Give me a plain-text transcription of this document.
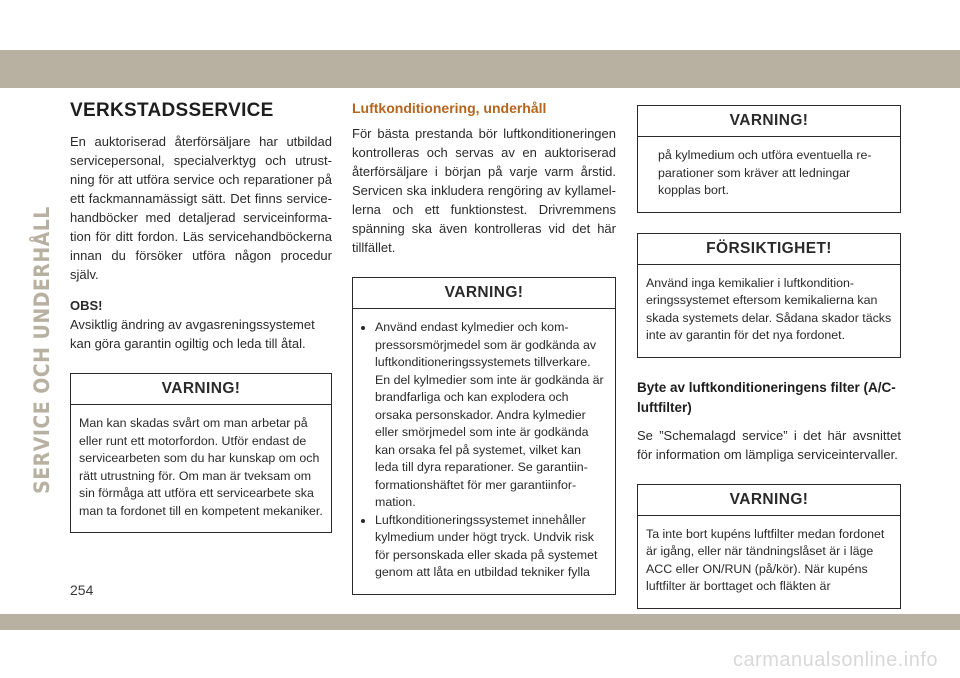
SERVICE OCH UNDERHÅLL
VERKSTADSSERVICE

En auktoriserad återförsäljare har utbildad servicepersonal, specialverktyg och utrustning för att utföra service och reparationer på ett fackmannamässigt sätt. Det finns servicehandböcker med detaljerad serviceinformation för ditt fordon. Läs servicehandböckerna innan du försöker utföra någon procedur själv.

OBS!

Avsiktlig ändring av avgasreningssystemet kan göra garantin ogiltig och leda till åtal.

VARNING!
Man kan skadas svårt om man arbetar på eller runt ett motorfordon. Utför endast de servicearbeten som du har kunskap om och rätt utrustning för. Om man är tveksam om sin förmåga att utföra ett servicearbete ska man ta fordonet till en kompetent mekaniker.
Luftkonditionering, underhåll

För bästa prestanda bör luftkonditioneringen kontrolleras och servas av en auktoriserad återförsäljare i början på varje varm årstid. Servicen ska inkludera rengöring av kyllamellerna och ett funktionstest. Drivremmens spänning ska även kontrolleras vid det här tillfället.

VARNING!
• Använd endast kylmedier och kompressorsmörjmedel som är godkända av luftkonditioneringssystemets tillverkare. En del kylmedier som inte är godkända är brandfarliga och kan explodera och orsaka personskador. Andra kylmedier eller smörjmedel som inte är godkända kan orsaka fel på systemet, vilket kan leda till dyra reparationer. Se garantiinformationshäftet för mer garantiinformation.
• Luftkonditioneringssystemet innehåller kylmedium under högt tryck. Undvik risk för personskada eller skada på systemet genom att låta en utbildad tekniker fylla
VARNING!
på kylmedium och utföra eventuella reparationer som kräver att ledningar kopplas bort.
FÖRSIKTIGHET!
Använd inga kemikalier i luftkonditioneringssystemet eftersom kemikalierna kan skada systemets delar. Sådana skador täcks inte av garantin för det nya fordonet.
Byte av luftkonditioneringens filter (A/C-luftfilter)

Se ”Schemalagd service” i det här avsnittet för information om lämpliga serviceintervaller.

VARNING!
Ta inte bort kupéns luftfilter medan fordonet är igång, eller när tändningslåset är i läge ACC eller ON/RUN (på/kör). När kupéns luftfilter är borttaget och fläkten är
254
carmanualsonline.info
